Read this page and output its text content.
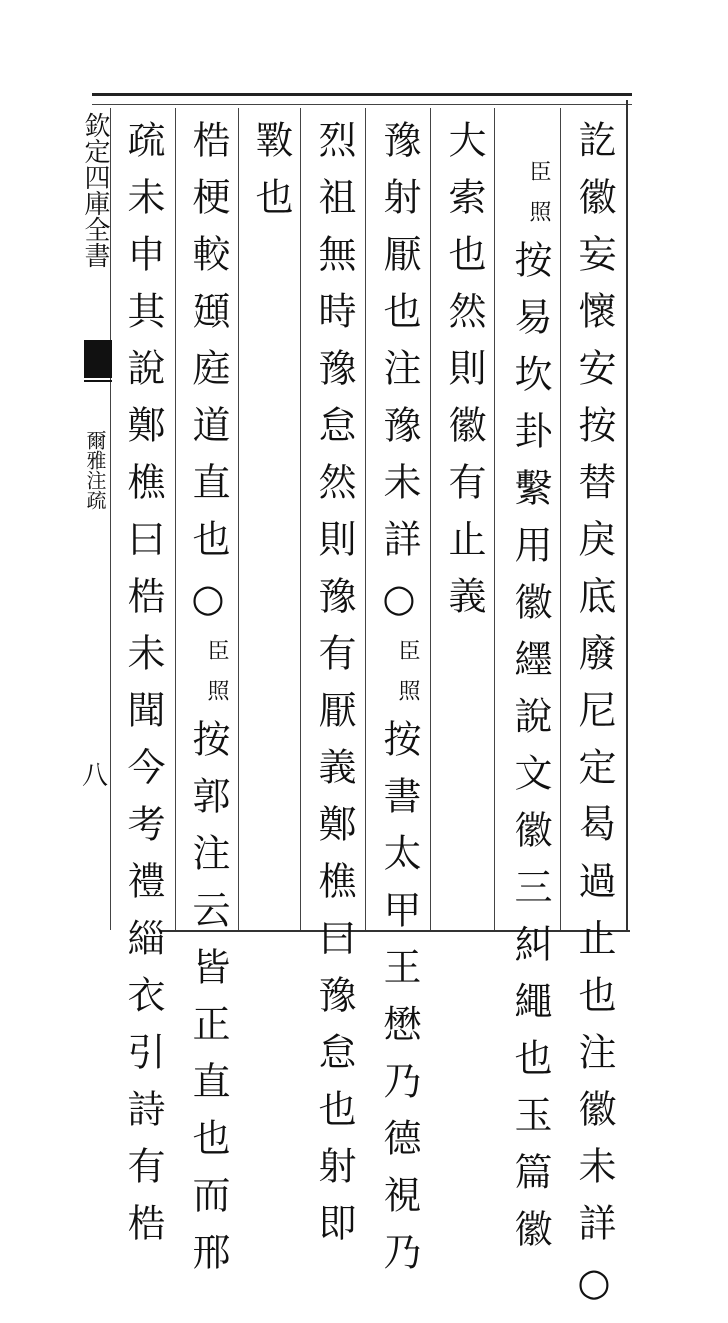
欽定四庫全書
爾雅注疏
八	訖徽妄懷安按替戾底廢尼定曷過止也注徽未詳○
臣照
按易坎卦繫用徽纆說文徽三糾繩也玉篇徽
大索也然則徽有止義
豫射厭也注豫未詳○
臣照
按書太甲王懋乃德視乃
烈祖無時豫怠然則豫有厭義鄭樵曰豫怠也射即
斁也
梏梗較頲庭道直也○
臣照
按郭注云皆正直也而邢
疏未申其說鄭樵曰梏未聞今考禮緇衣引詩有梏
